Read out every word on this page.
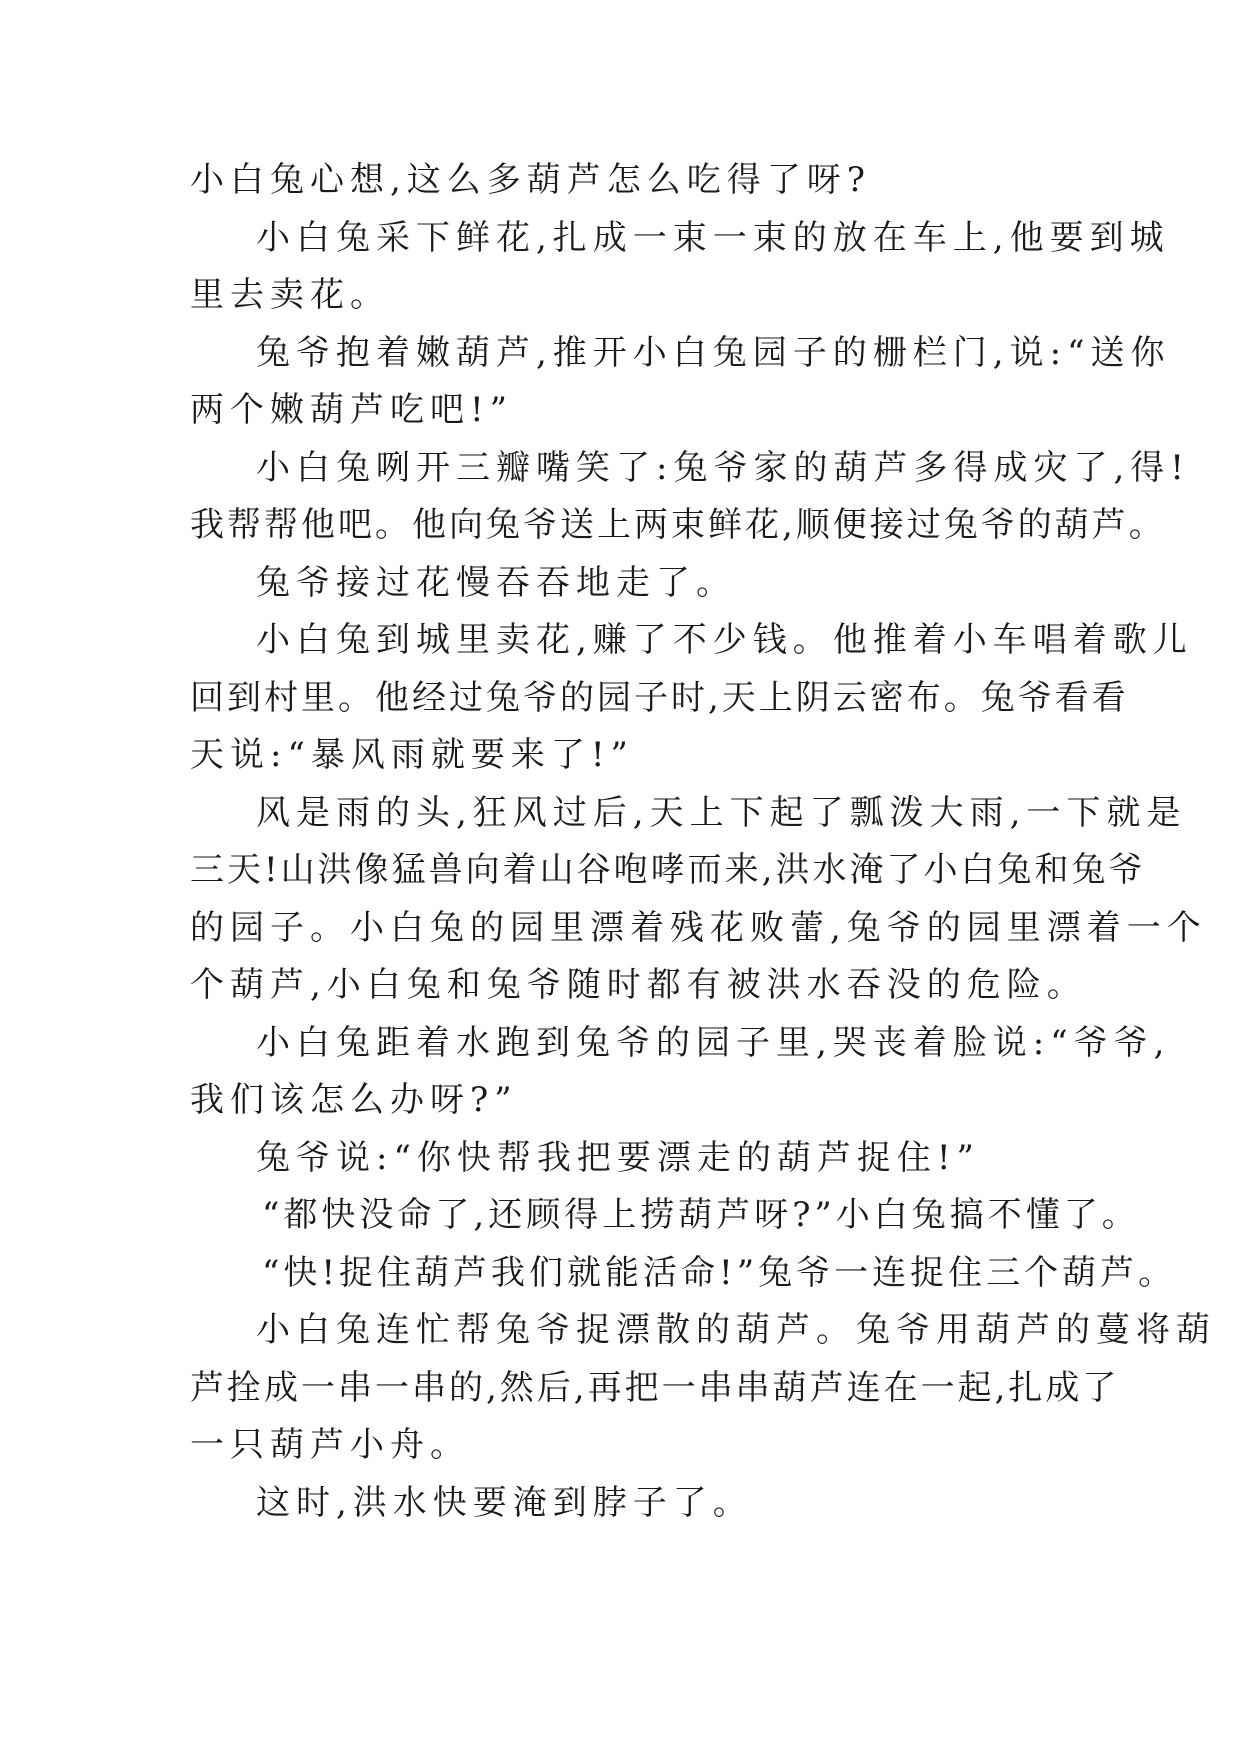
小白兔心想,这么多葫芦怎么吃得了呀?
小白兔采下鲜花,扎成一束一束的放在车上,他要到城
里去卖花。
兔爷抱着嫩葫芦,推开小白兔园子的栅栏门,说:“送你
两个嫩葫芦吃吧!”
小白兔咧开三瓣嘴笑了:兔爷家的葫芦多得成灾了,得!
我帮帮他吧。他向兔爷送上两束鲜花,顺便接过兔爷的葫芦。
兔爷接过花慢吞吞地走了。
小白兔到城里卖花,赚了不少钱。他推着小车唱着歌儿
回到村里。他经过兔爷的园子时,天上阴云密布。兔爷看看
天说:“暴风雨就要来了!”
风是雨的头,狂风过后,天上下起了瓢泼大雨,一下就是
三天!山洪像猛兽向着山谷咆哮而来,洪水淹了小白兔和兔爷
的园子。小白兔的园里漂着残花败蕾,兔爷的园里漂着一个
个葫芦,小白兔和兔爷随时都有被洪水吞没的危险。
小白兔距着水跑到兔爷的园子里,哭丧着脸说:“爷爷,
我们该怎么办呀?”
兔爷说:“你快帮我把要漂走的葫芦捉住!”
“都快没命了,还顾得上捞葫芦呀?”小白兔搞不懂了。
“快!捉住葫芦我们就能活命!”兔爷一连捉住三个葫芦。
小白兔连忙帮兔爷捉漂散的葫芦。兔爷用葫芦的蔓将葫
芦拴成一串一串的,然后,再把一串串葫芦连在一起,扎成了
一只葫芦小舟。
这时,洪水快要淹到脖子了。
